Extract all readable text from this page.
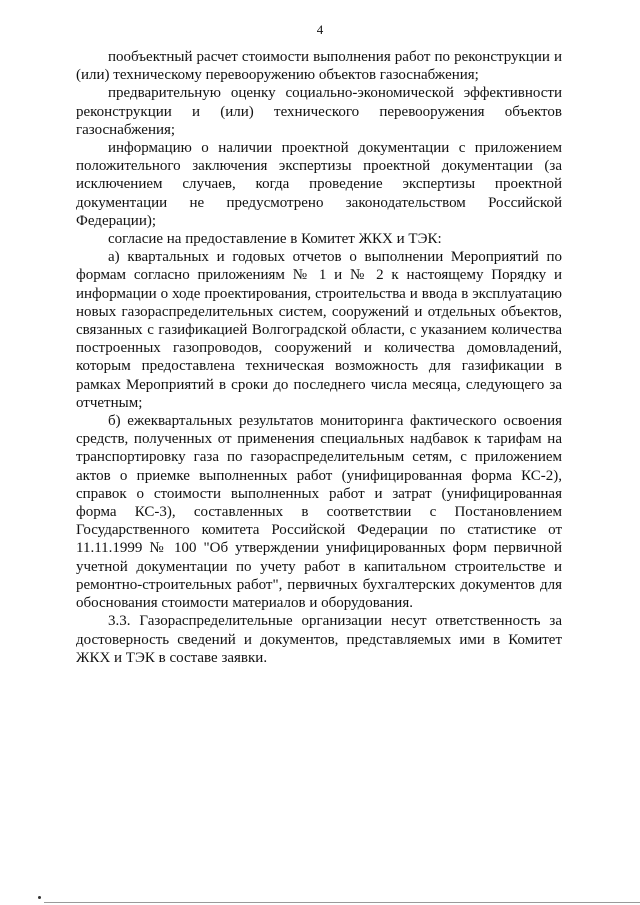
4

пообъектный расчет стоимости выполнения работ по реконструкции и (или) техническому перевооружению объектов газоснабжения;

предварительную оценку социально-экономической эффективности реконструкции и (или) технического перевооружения объектов газоснабжения;

информацию о наличии проектной документации с приложением положительного заключения экспертизы проектной документации (за исключением случаев, когда проведение экспертизы проектной документации не предусмотрено законодательством Российской Федерации);

согласие на предоставление в Комитет ЖКХ и ТЭК:

а) квартальных и годовых отчетов о выполнении Мероприятий по формам согласно приложениям № 1 и № 2 к настоящему Порядку и информации о ходе проектирования, строительства и ввода в эксплуатацию новых газораспределительных систем, сооружений и отдельных объектов, связанных с газификацией Волгоградской области, с указанием количества построенных газопроводов, сооружений и количества домовладений, которым предоставлена техническая возможность для газификации в рамках Мероприятий в сроки до последнего числа месяца, следующего за отчетным;

б) ежеквартальных результатов мониторинга фактического освоения средств, полученных от применения специальных надбавок к тарифам на транспортировку газа по газораспределительным сетям, с приложением актов о приемке выполненных работ (унифицированная форма КС-2), справок о стоимости выполненных работ и затрат (унифицированная форма КС-3), составленных в соответствии с Постановлением Государственного комитета Российской Федерации по статистике от 11.11.1999 № 100 "Об утверждении унифицированных форм первичной учетной документации по учету работ в капитальном строительстве и ремонтно-строительных работ", первичных бухгалтерских документов для обоснования стоимости материалов и оборудования.

3.3. Газораспределительные организации несут ответственность за достоверность сведений и документов, представляемых ими в Комитет ЖКХ и ТЭК в составе заявки.
